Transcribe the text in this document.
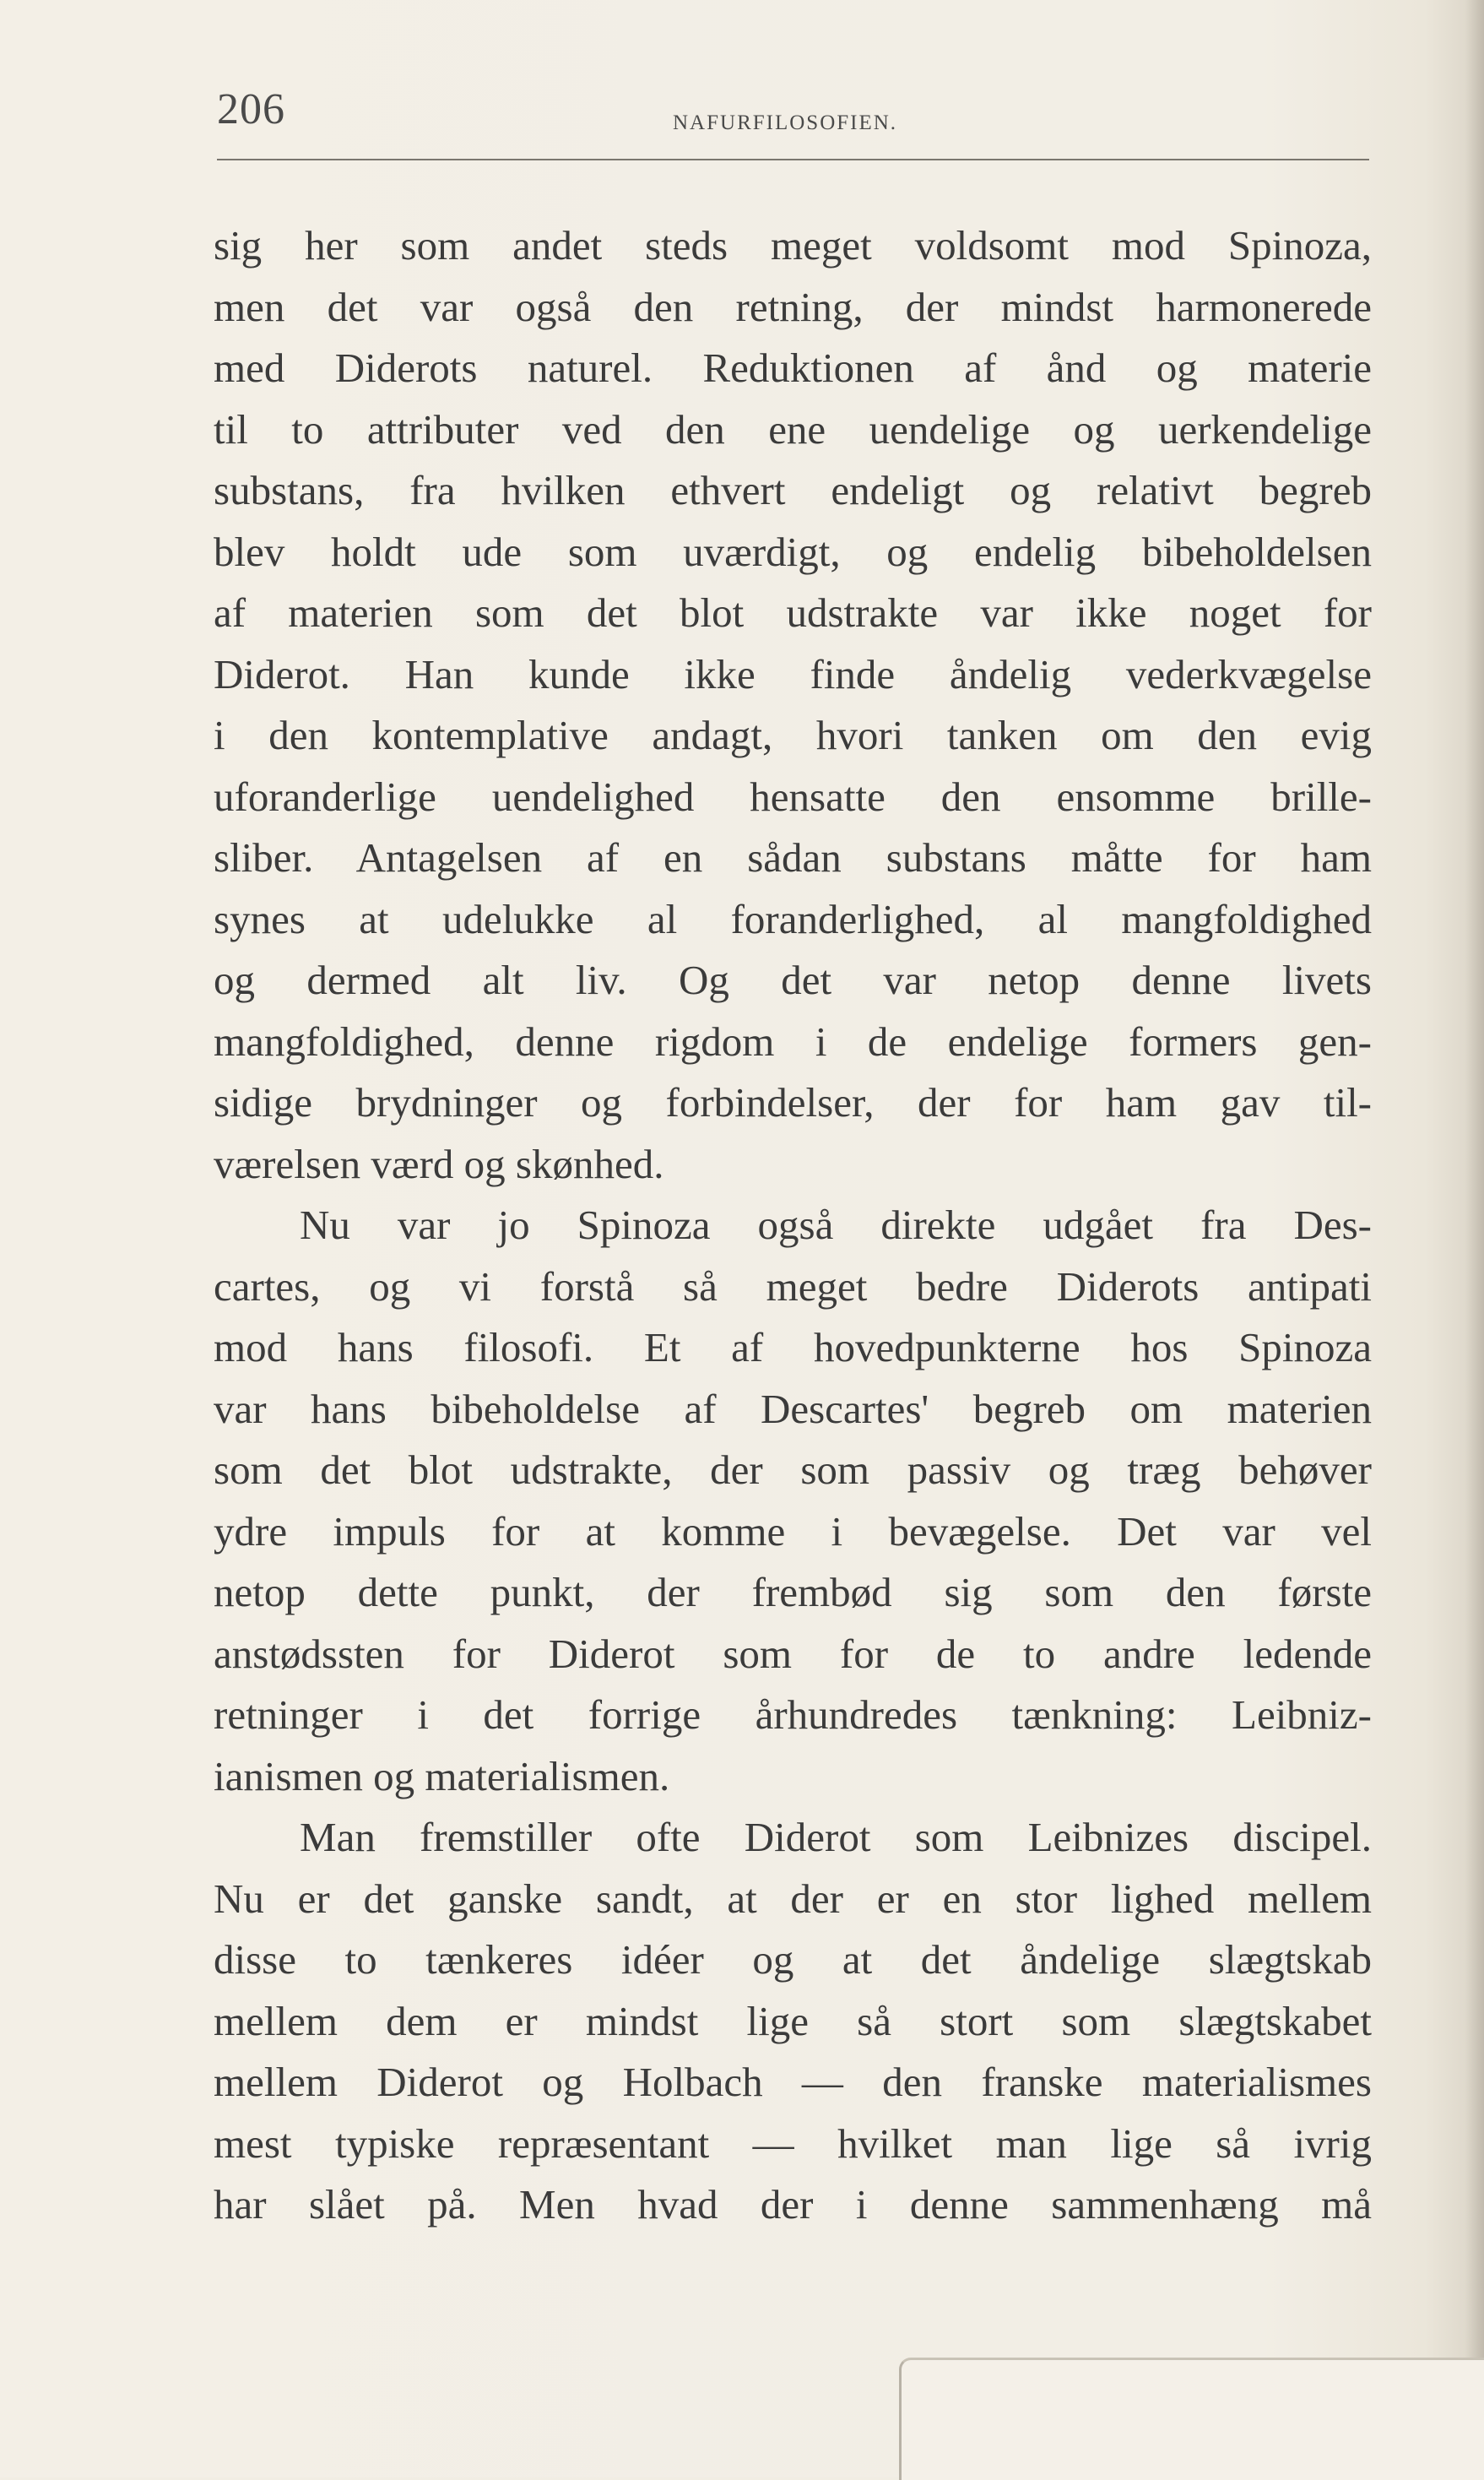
206	NAFURFILOSOFIEN.
sig her som andet steds meget voldsomt mod Spinoza,
men det var også den retning, der mindst harmonerede
med Diderots naturel. Reduktionen af ånd og materie
til to attributer ved den ene uendelige og uerkendelige
substans, fra hvilken ethvert endeligt og relativt begreb
blev holdt ude som uværdigt, og endelig bibeholdelsen
af materien som det blot udstrakte var ikke noget for
Diderot. Han kunde ikke finde åndelig vederkvægelse
i den kontemplative andagt, hvori tanken om den evig
uforanderlige uendelighed hensatte den ensomme brille-
sliber. Antagelsen af en sådan substans måtte for ham
synes at udelukke al foranderlighed, al mangfoldighed
og dermed alt liv. Og det var netop denne livets
mangfoldighed, denne rigdom i de endelige formers gen-
sidige brydninger og forbindelser, der for ham gav til-
værelsen værd og skønhed.
Nu var jo Spinoza også direkte udgået fra Des-
cartes, og vi forstå så meget bedre Diderots antipati
mod hans filosofi. Et af hovedpunkterne hos Spinoza
var hans bibeholdelse af Descartes' begreb om materien
som det blot udstrakte, der som passiv og træg behøver
ydre impuls for at komme i bevægelse. Det var vel
netop dette punkt, der frembød sig som den første
anstødssten for Diderot som for de to andre ledende
retninger i det forrige århundredes tænkning: Leibniz-
ianismen og materialismen.
Man fremstiller ofte Diderot som Leibnizes discipel.
Nu er det ganske sandt, at der er en stor lighed mellem
disse to tænkeres idéer og at det åndelige slægtskab
mellem dem er mindst lige så stort som slægtskabet
mellem Diderot og Holbach — den franske materialismes
mest typiske repræsentant — hvilket man lige så ivrig
har slået på. Men hvad der i denne sammenhæng må
